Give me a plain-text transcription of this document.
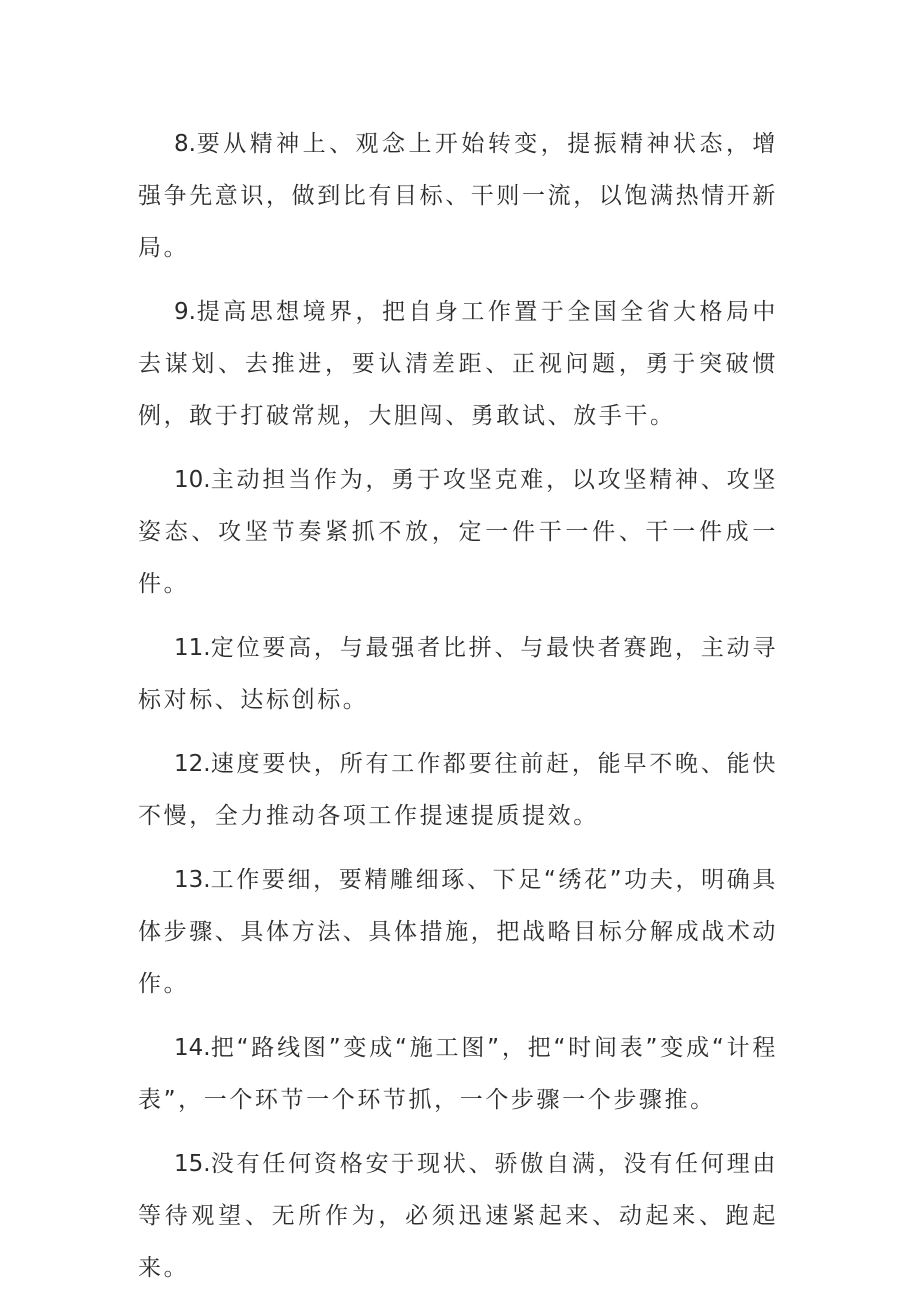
8.要从精神上、观念上开始转变，提振精神状态，增强争先意识，做到比有目标、干则一流，以饱满热情开新局。

9.提高思想境界，把自身工作置于全国全省大格局中去谋划、去推进，要认清差距、正视问题，勇于突破惯例，敢于打破常规，大胆闯、勇敢试、放手干。

10.主动担当作为，勇于攻坚克难，以攻坚精神、攻坚姿态、攻坚节奏紧抓不放，定一件干一件、干一件成一件。

11.定位要高，与最强者比拼、与最快者赛跑，主动寻标对标、达标创标。

12.速度要快，所有工作都要往前赶，能早不晚、能快不慢，全力推动各项工作提速提质提效。

13.工作要细，要精雕细琢、下足“绣花”功夫，明确具体步骤、具体方法、具体措施，把战略目标分解成战术动作。

14.把“路线图”变成“施工图”，把“时间表”变成“计程表”，一个环节一个环节抓，一个步骤一个步骤推。

15.没有任何资格安于现状、骄傲自满，没有任何理由等待观望、无所作为，必须迅速紧起来、动起来、跑起来。
